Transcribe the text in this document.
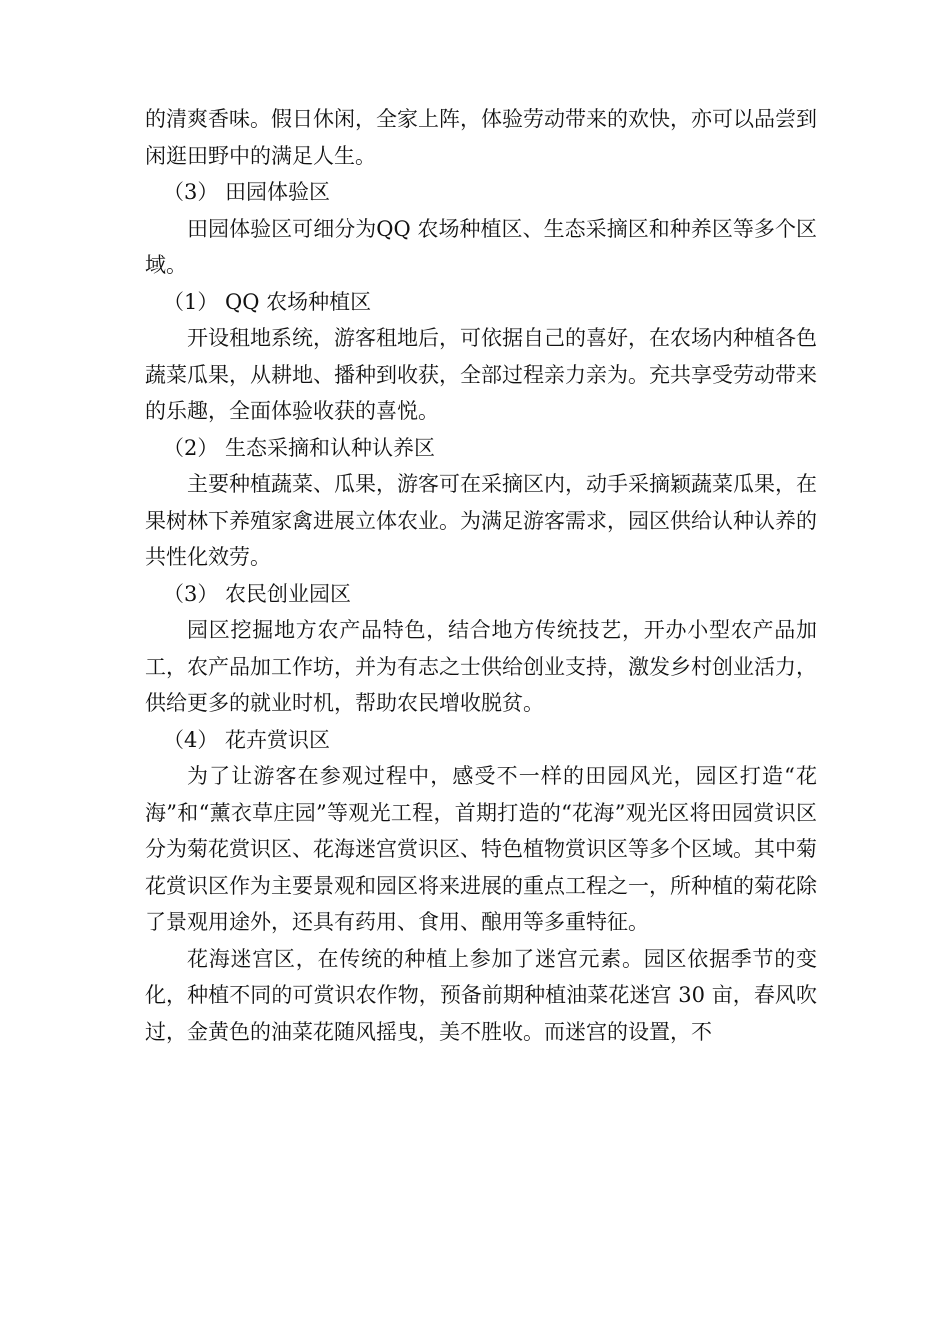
的清爽香味。假日休闲，全家上阵，体验劳动带来的欢快，亦可以品尝到闲逛田野中的满足人生。

（3） 田园体验区

田园体验区可细分为QQ 农场种植区、生态采摘区和种养区等多个区域。

（1） QQ 农场种植区

开设租地系统，游客租地后，可依据自己的喜好，在农场内种植各色蔬菜瓜果，从耕地、播种到收获，全部过程亲力亲为。充共享受劳动带来的乐趣，全面体验收获的喜悦。

（2） 生态采摘和认种认养区

主要种植蔬菜、瓜果，游客可在采摘区内，动手采摘颖蔬菜瓜果，在果树林下养殖家禽进展立体农业。为满足游客需求，园区供给认种认养的共性化效劳。

（3） 农民创业园区

园区挖掘地方农产品特色，结合地方传统技艺，开办小型农产品加工，农产品加工作坊，并为有志之士供给创业支持，激发乡村创业活力，供给更多的就业时机，帮助农民增收脱贫。

（4） 花卉赏识区

为了让游客在参观过程中，感受不一样的田园风光，园区打造“花海”和“薰衣草庄园”等观光工程，首期打造的“花海”观光区将田园赏识区分为菊花赏识区、花海迷宫赏识区、特色植物赏识区等多个区域。其中菊花赏识区作为主要景观和园区将来进展的重点工程之一，所种植的菊花除了景观用途外，还具有药用、食用、酿用等多重特征。

花海迷宫区，在传统的种植上参加了迷宫元素。园区依据季节的变化，种植不同的可赏识农作物，预备前期种植油菜花迷宫 30 亩，春风吹过，金黄色的油菜花随风摇曳，美不胜收。而迷宫的设置，不
